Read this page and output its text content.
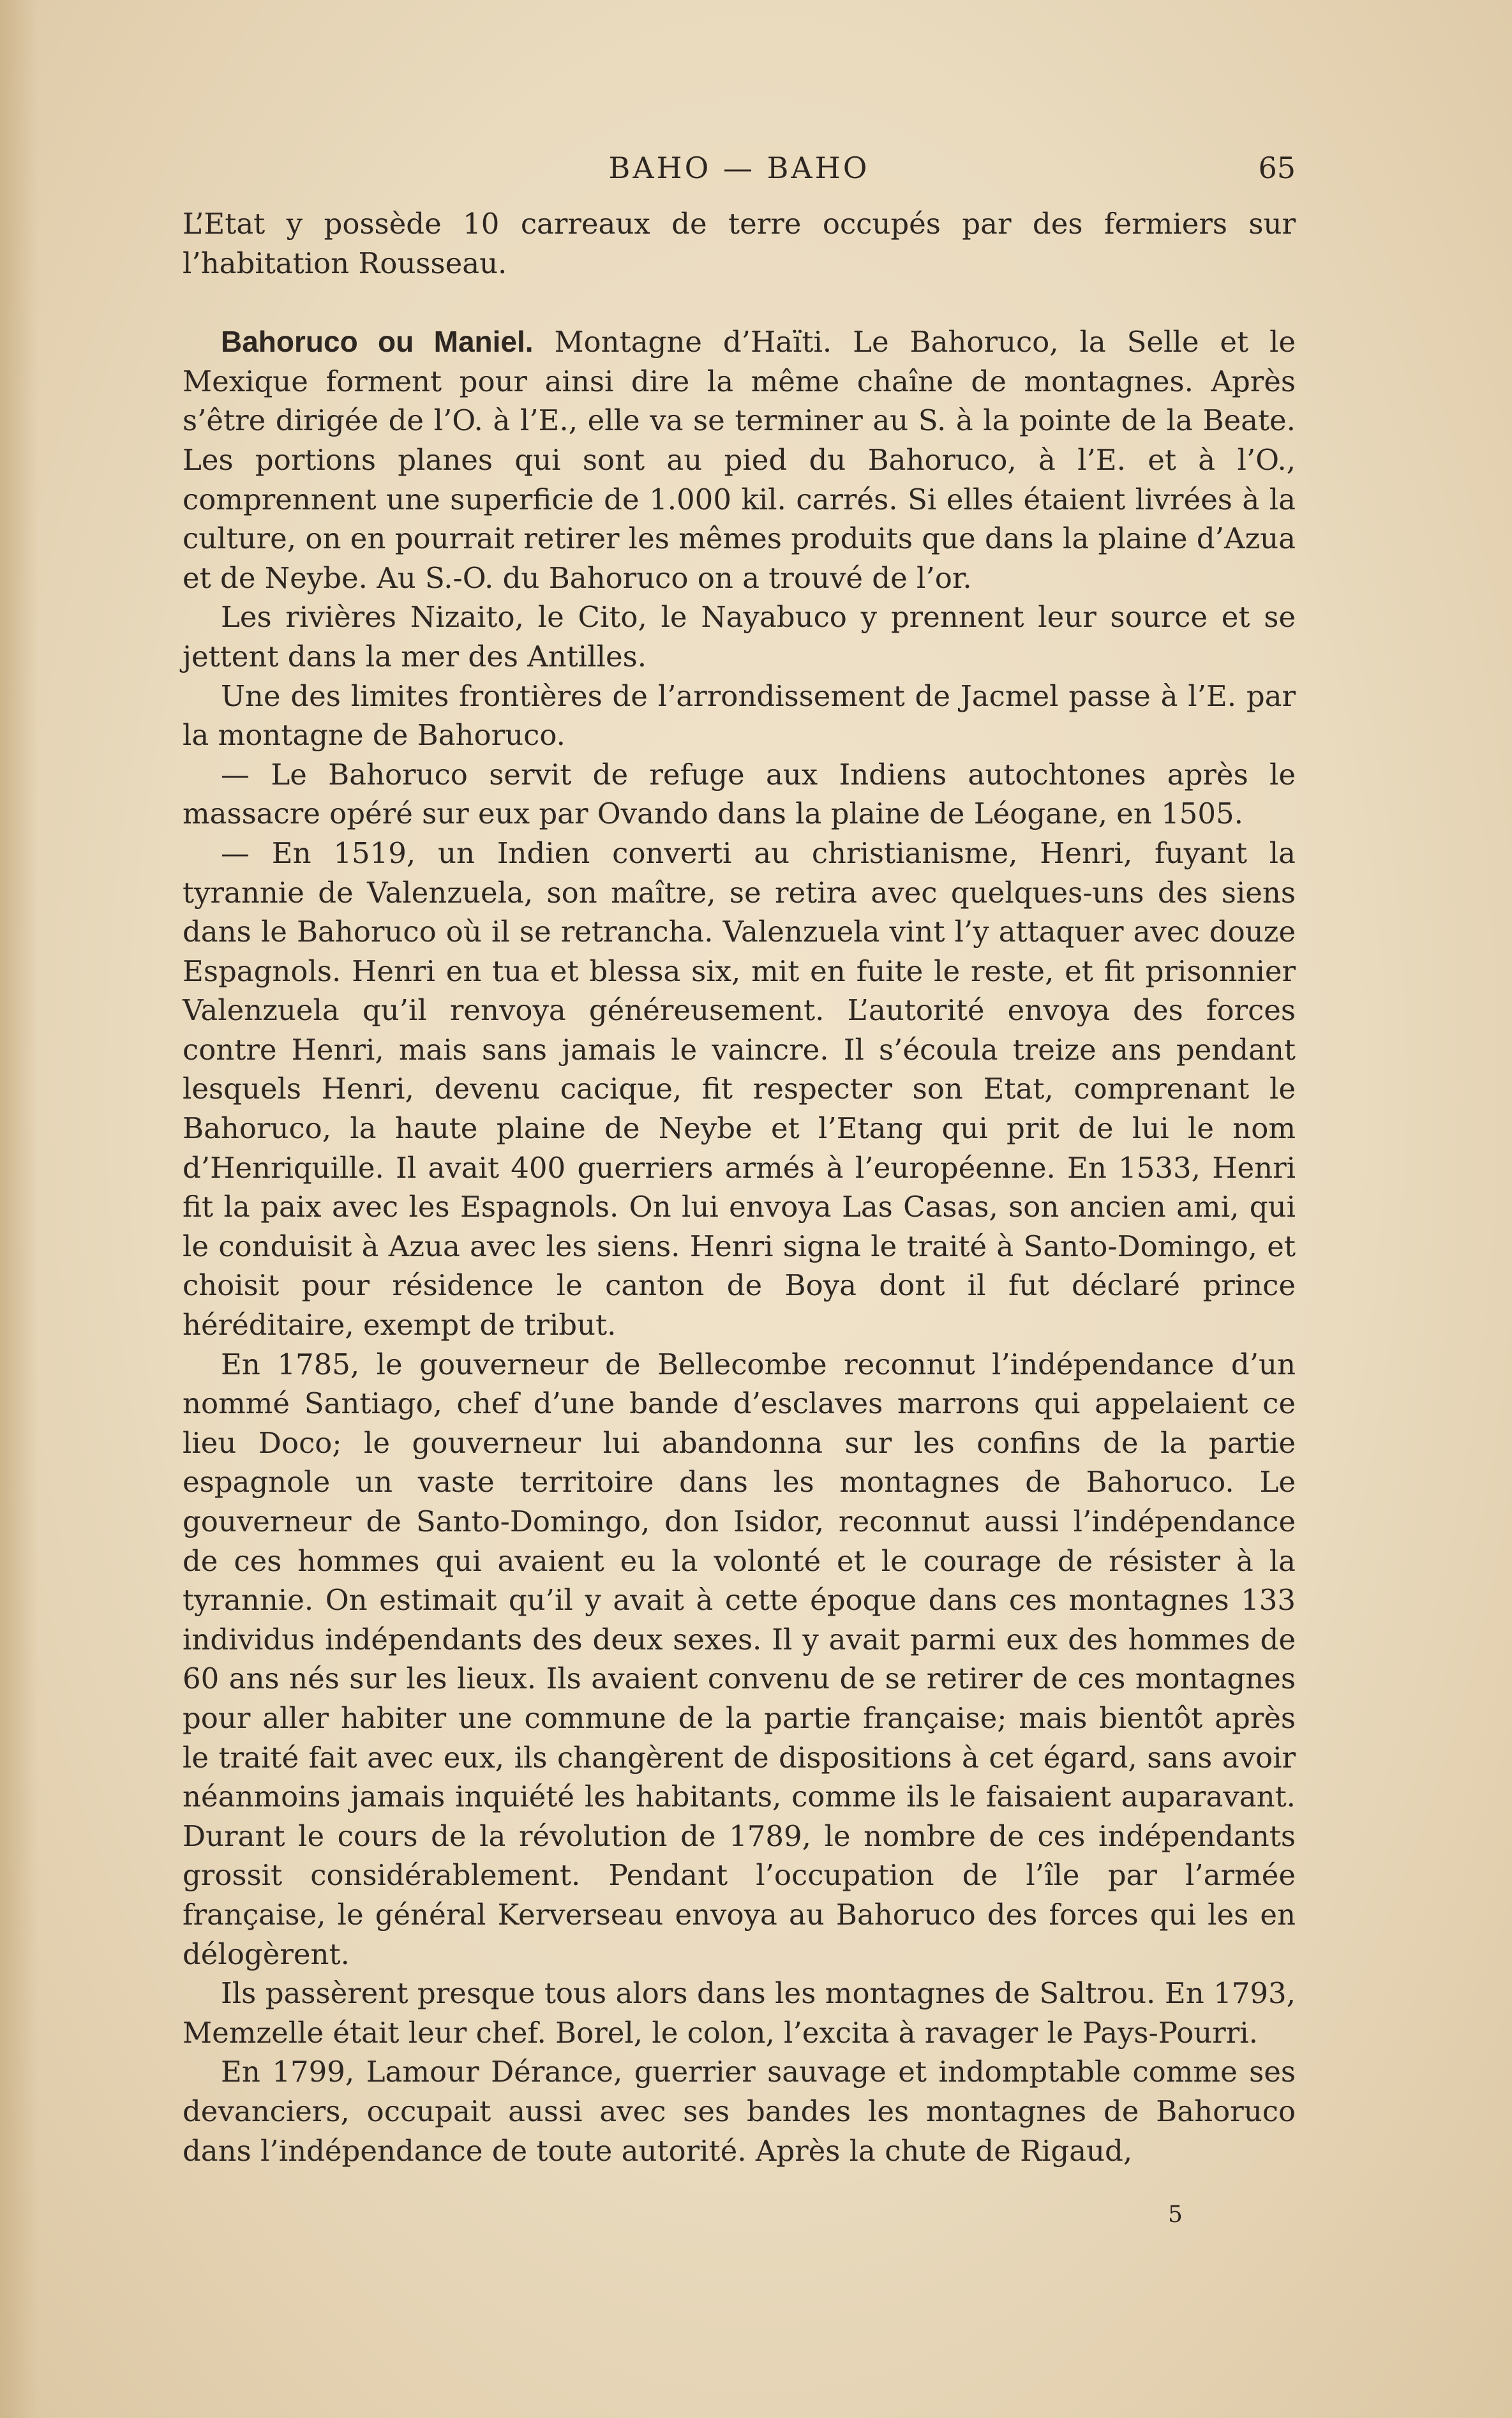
BAHO — BAHO	65

L’Etat y possède 10 carreaux de terre occupés par des fermiers sur l’habitation Rousseau.

Bahoruco ou Maniel. Montagne d’Haïti. Le Bahoruco, la Selle et le Mexique forment pour ainsi dire la même chaîne de montagnes. Après s’être dirigée de l’O. à l’E., elle va se terminer au S. à la pointe de la Beate. Les portions planes qui sont au pied du Bahoruco, à l’E. et à l’O., comprennent une superficie de 1.000 kil. carrés. Si elles étaient livrées à la culture, on en pourrait retirer les mêmes produits que dans la plaine d’Azua et de Neybe. Au S.-O. du Bahoruco on a trouvé de l’or.

Les rivières Nizaito, le Cito, le Nayabuco y prennent leur source et se jettent dans la mer des Antilles.

Une des limites frontières de l’arrondissement de Jacmel passe à l’E. par la montagne de Bahoruco.

— Le Bahoruco servit de refuge aux Indiens autochtones après le massacre opéré sur eux par Ovando dans la plaine de Léogane, en 1505.

— En 1519, un Indien converti au christianisme, Henri, fuyant la tyrannie de Valenzuela, son maître, se retira avec quelques-uns des siens dans le Bahoruco où il se retrancha. Valenzuela vint l’y attaquer avec douze Espagnols. Henri en tua et blessa six, mit en fuite le reste, et fit prisonnier Valenzuela qu’il renvoya généreusement. L’autorité envoya des forces contre Henri, mais sans jamais le vaincre. Il s’écoula treize ans pendant lesquels Henri, devenu cacique, fit respecter son Etat, comprenant le Bahoruco, la haute plaine de Neybe et l’Etang qui prit de lui le nom d’Henriquille. Il avait 400 guerriers armés à l’européenne. En 1533, Henri fit la paix avec les Espagnols. On lui envoya Las Casas, son ancien ami, qui le conduisit à Azua avec les siens. Henri signa le traité à Santo-Domingo, et choisit pour résidence le canton de Boya dont il fut déclaré prince héréditaire, exempt de tribut.

En 1785, le gouverneur de Bellecombe reconnut l’indépendance d’un nommé Santiago, chef d’une bande d’esclaves marrons qui appelaient ce lieu Doco; le gouverneur lui abandonna sur les confins de la partie espagnole un vaste territoire dans les montagnes de Bahoruco. Le gouverneur de Santo-Domingo, don Isidor, reconnut aussi l’indépendance de ces hommes qui avaient eu la volonté et le courage de résister à la tyrannie. On estimait qu’il y avait à cette époque dans ces montagnes 133 individus indépendants des deux sexes. Il y avait parmi eux des hommes de 60 ans nés sur les lieux. Ils avaient convenu de se retirer de ces montagnes pour aller habiter une commune de la partie française; mais bientôt après le traité fait avec eux, ils changèrent de dispositions à cet égard, sans avoir néanmoins jamais inquiété les habitants, comme ils le faisaient auparavant. Durant le cours de la révolution de 1789, le nombre de ces indépendants grossit considérablement. Pendant l’occupation de l’île par l’armée française, le général Kerverseau envoya au Bahoruco des forces qui les en délogèrent.

Ils passèrent presque tous alors dans les montagnes de Saltrou. En 1793, Memzelle était leur chef. Borel, le colon, l’excita à ravager le Pays-Pourri.

En 1799, Lamour Dérance, guerrier sauvage et indomptable comme ses devanciers, occupait aussi avec ses bandes les montagnes de Bahoruco dans l’indépendance de toute autorité. Après la chute de Rigaud,

5
